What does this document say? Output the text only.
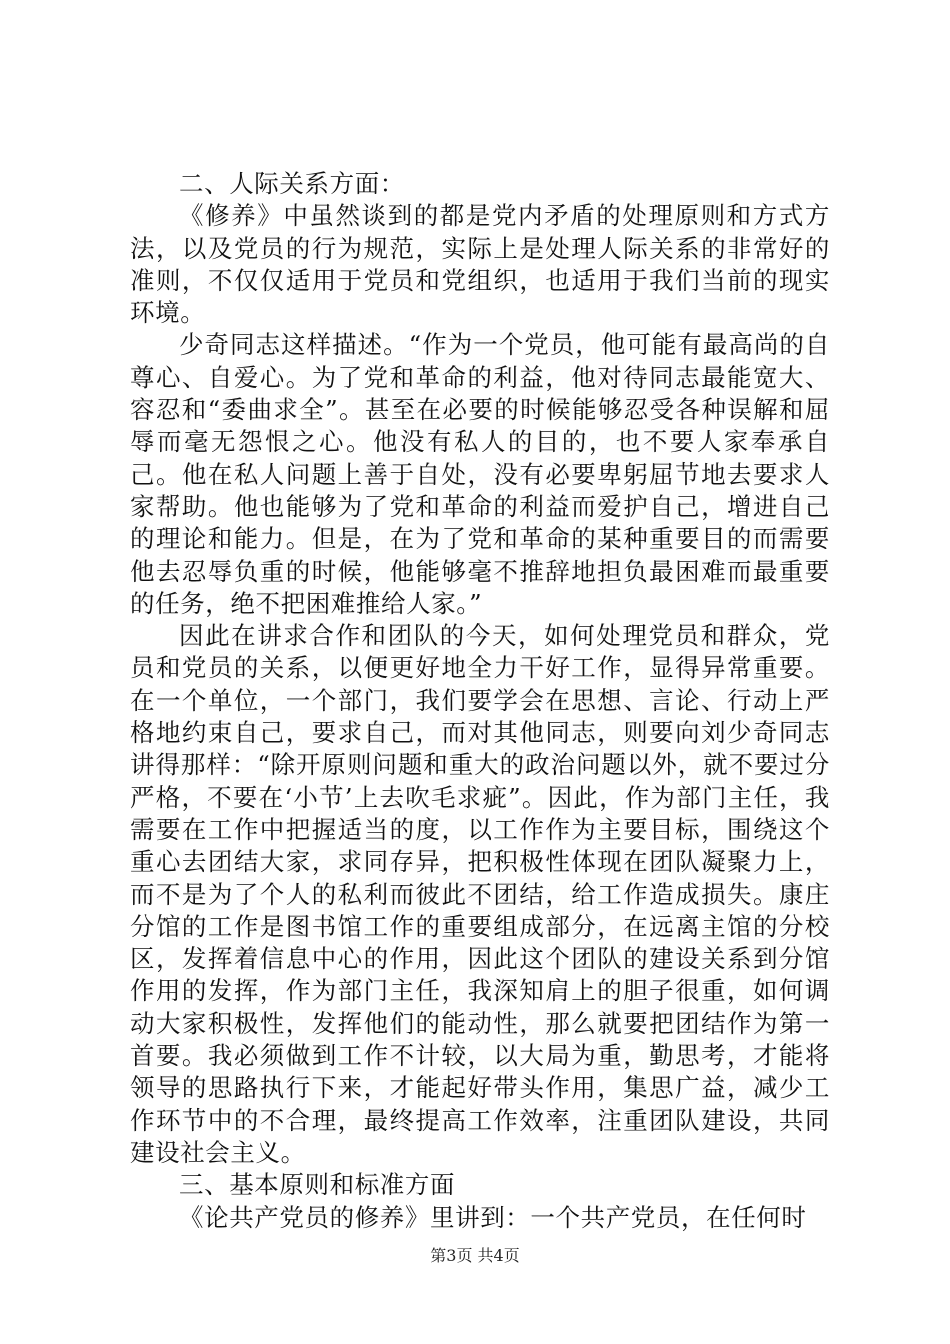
二、人际关系方面：

《修养》中虽然谈到的都是党内矛盾的处理原则和方式方法，以及党员的行为规范，实际上是处理人际关系的非常好的准则，不仅仅适用于党员和党组织，也适用于我们当前的现实环境。

少奇同志这样描述。“作为一个党员，他可能有最高尚的自尊心、自爱心。为了党和革命的利益，他对待同志最能宽大、容忍和“委曲求全”。甚至在必要的时候能够忍受各种误解和屈辱而毫无怨恨之心。他没有私人的目的，也不要人家奉承自己。他在私人问题上善于自处，没有必要卑躬屈节地去要求人家帮助。他也能够为了党和革命的利益而爱护自己，增进自己的理论和能力。但是，在为了党和革命的某种重要目的而需要他去忍辱负重的时候，他能够毫不推辞地担负最困难而最重要的任务，绝不把困难推给人家。”

因此在讲求合作和团队的今天，如何处理党员和群众，党员和党员的关系，以便更好地全力干好工作，显得异常重要。在一个单位，一个部门，我们要学会在思想、言论、行动上严格地约束自己，要求自己，而对其他同志，则要向刘少奇同志讲得那样：“除开原则问题和重大的政治问题以外，就不要过分严格，不要在‘小节’上去吹毛求疵”。因此，作为部门主任，我需要在工作中把握适当的度，以工作作为主要目标，围绕这个重心去团结大家，求同存异，把积极性体现在团队凝聚力上，而不是为了个人的私利而彼此不团结，给工作造成损失。康庄分馆的工作是图书馆工作的重要组成部分，在远离主馆的分校区，发挥着信息中心的作用，因此这个团队的建设关系到分馆作用的发挥，作为部门主任，我深知肩上的胆子很重，如何调动大家积极性，发挥他们的能动性，那么就要把团结作为第一首要。我必须做到工作不计较，以大局为重，勤思考，才能将领导的思路执行下来，才能起好带头作用，集思广益，减少工作环节中的不合理，最终提高工作效率，注重团队建设，共同建设社会主义。

三、基本原则和标准方面

《论共产党员的修养》里讲到：一个共产党员，在任何时

第3页 共4页
